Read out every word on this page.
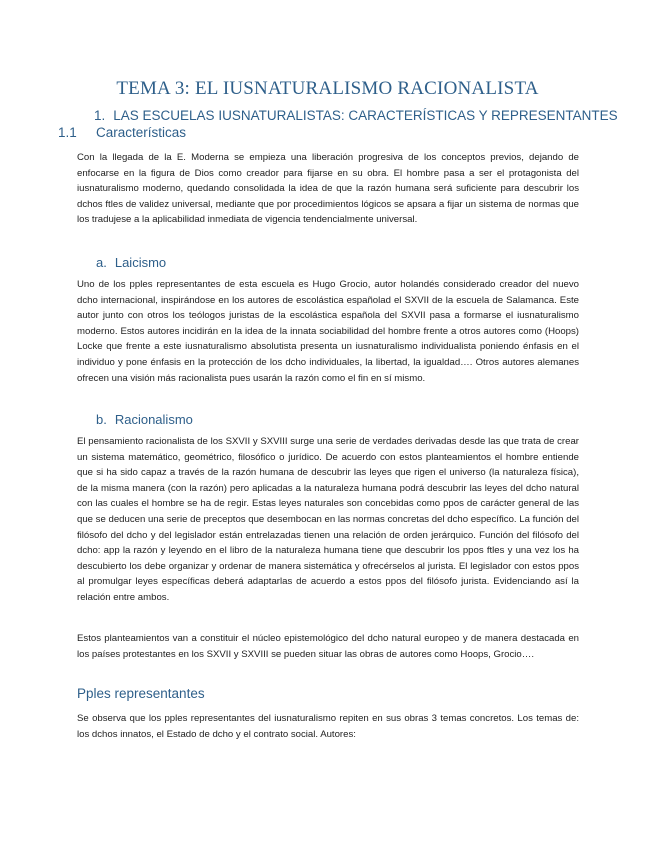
TEMA 3: EL IUSNATURALISMO RACIONALISTA
1. LAS ESCUELAS IUSNATURALISTAS: CARACTERÍSTICAS Y REPRESENTANTES
1.1 Características

Con la llegada de la E. Moderna se empieza una liberación progresiva de los conceptos previos, dejando de enfocarse en la figura de Dios como creador para fijarse en su obra. El hombre pasa a ser el protagonista del iusnaturalismo moderno, quedando consolidada la idea de que la razón humana será suficiente para descubrir los dchos ftles de validez universal, mediante que por procedimientos lógicos se apsara a fijar un sistema de normas que los tradujese a la aplicabilidad inmediata de vigencia tendencialmente universal.

a. Laicismo

Uno de los pples representantes de esta escuela es Hugo Grocio, autor holandés considerado creador del nuevo dcho internacional, inspirándose en los autores de escolástica españolad el SXVII de la escuela de Salamanca. Este autor junto con otros los teólogos juristas de la escolástica española del SXVII pasa a formarse el iusnaturalismo moderno. Estos autores incidirán en la idea de la innata sociabilidad del hombre frente a otros autores como (Hoops) Locke que frente a este iusnaturalismo absolutista presenta un iusnaturalismo individualista poniendo énfasis en el individuo y pone énfasis en la protección de los dcho individuales, la libertad, la igualdad…. Otros autores alemanes ofrecen una visión más racionalista pues usarán la razón como el fin en sí mismo.

b. Racionalismo

El pensamiento racionalista de los SXVII y SXVIII surge una serie de verdades derivadas desde las que trata de crear un sistema matemático, geométrico, filosófico o jurídico. De acuerdo con estos planteamientos el hombre entiende que si ha sido capaz a través de la razón humana de descubrir las leyes que rigen el universo (la naturaleza física), de la misma manera (con la razón) pero aplicadas a la naturaleza humana podrá descubrir las leyes del dcho natural con las cuales el hombre se ha de regir. Estas leyes naturales son concebidas como ppos de carácter general de las que se deducen una serie de preceptos que desembocan en las normas concretas del dcho específico. La función del filósofo del dcho y del legislador están entrelazadas tienen una relación de orden jerárquico. Función del filósofo del dcho: app la razón y leyendo en el libro de la naturaleza humana tiene que descubrir los ppos ftles y una vez los ha descubierto los debe organizar y ordenar de manera sistemática y ofrecérselos al jurista. El legislador con estos ppos al promulgar leyes específicas deberá adaptarlas de acuerdo a estos ppos del filósofo jurista. Evidenciando así la relación entre ambos.

Estos planteamientos van a constituir el núcleo epistemológico del dcho natural europeo y de manera destacada en los países protestantes en los SXVII y SXVIII se pueden situar las obras de autores como Hoops, Grocio….

Pples representantes

Se observa que los pples representantes del iusnaturalismo repiten en sus obras 3 temas concretos. Los temas de: los dchos innatos, el Estado de dcho y el contrato social. Autores:
